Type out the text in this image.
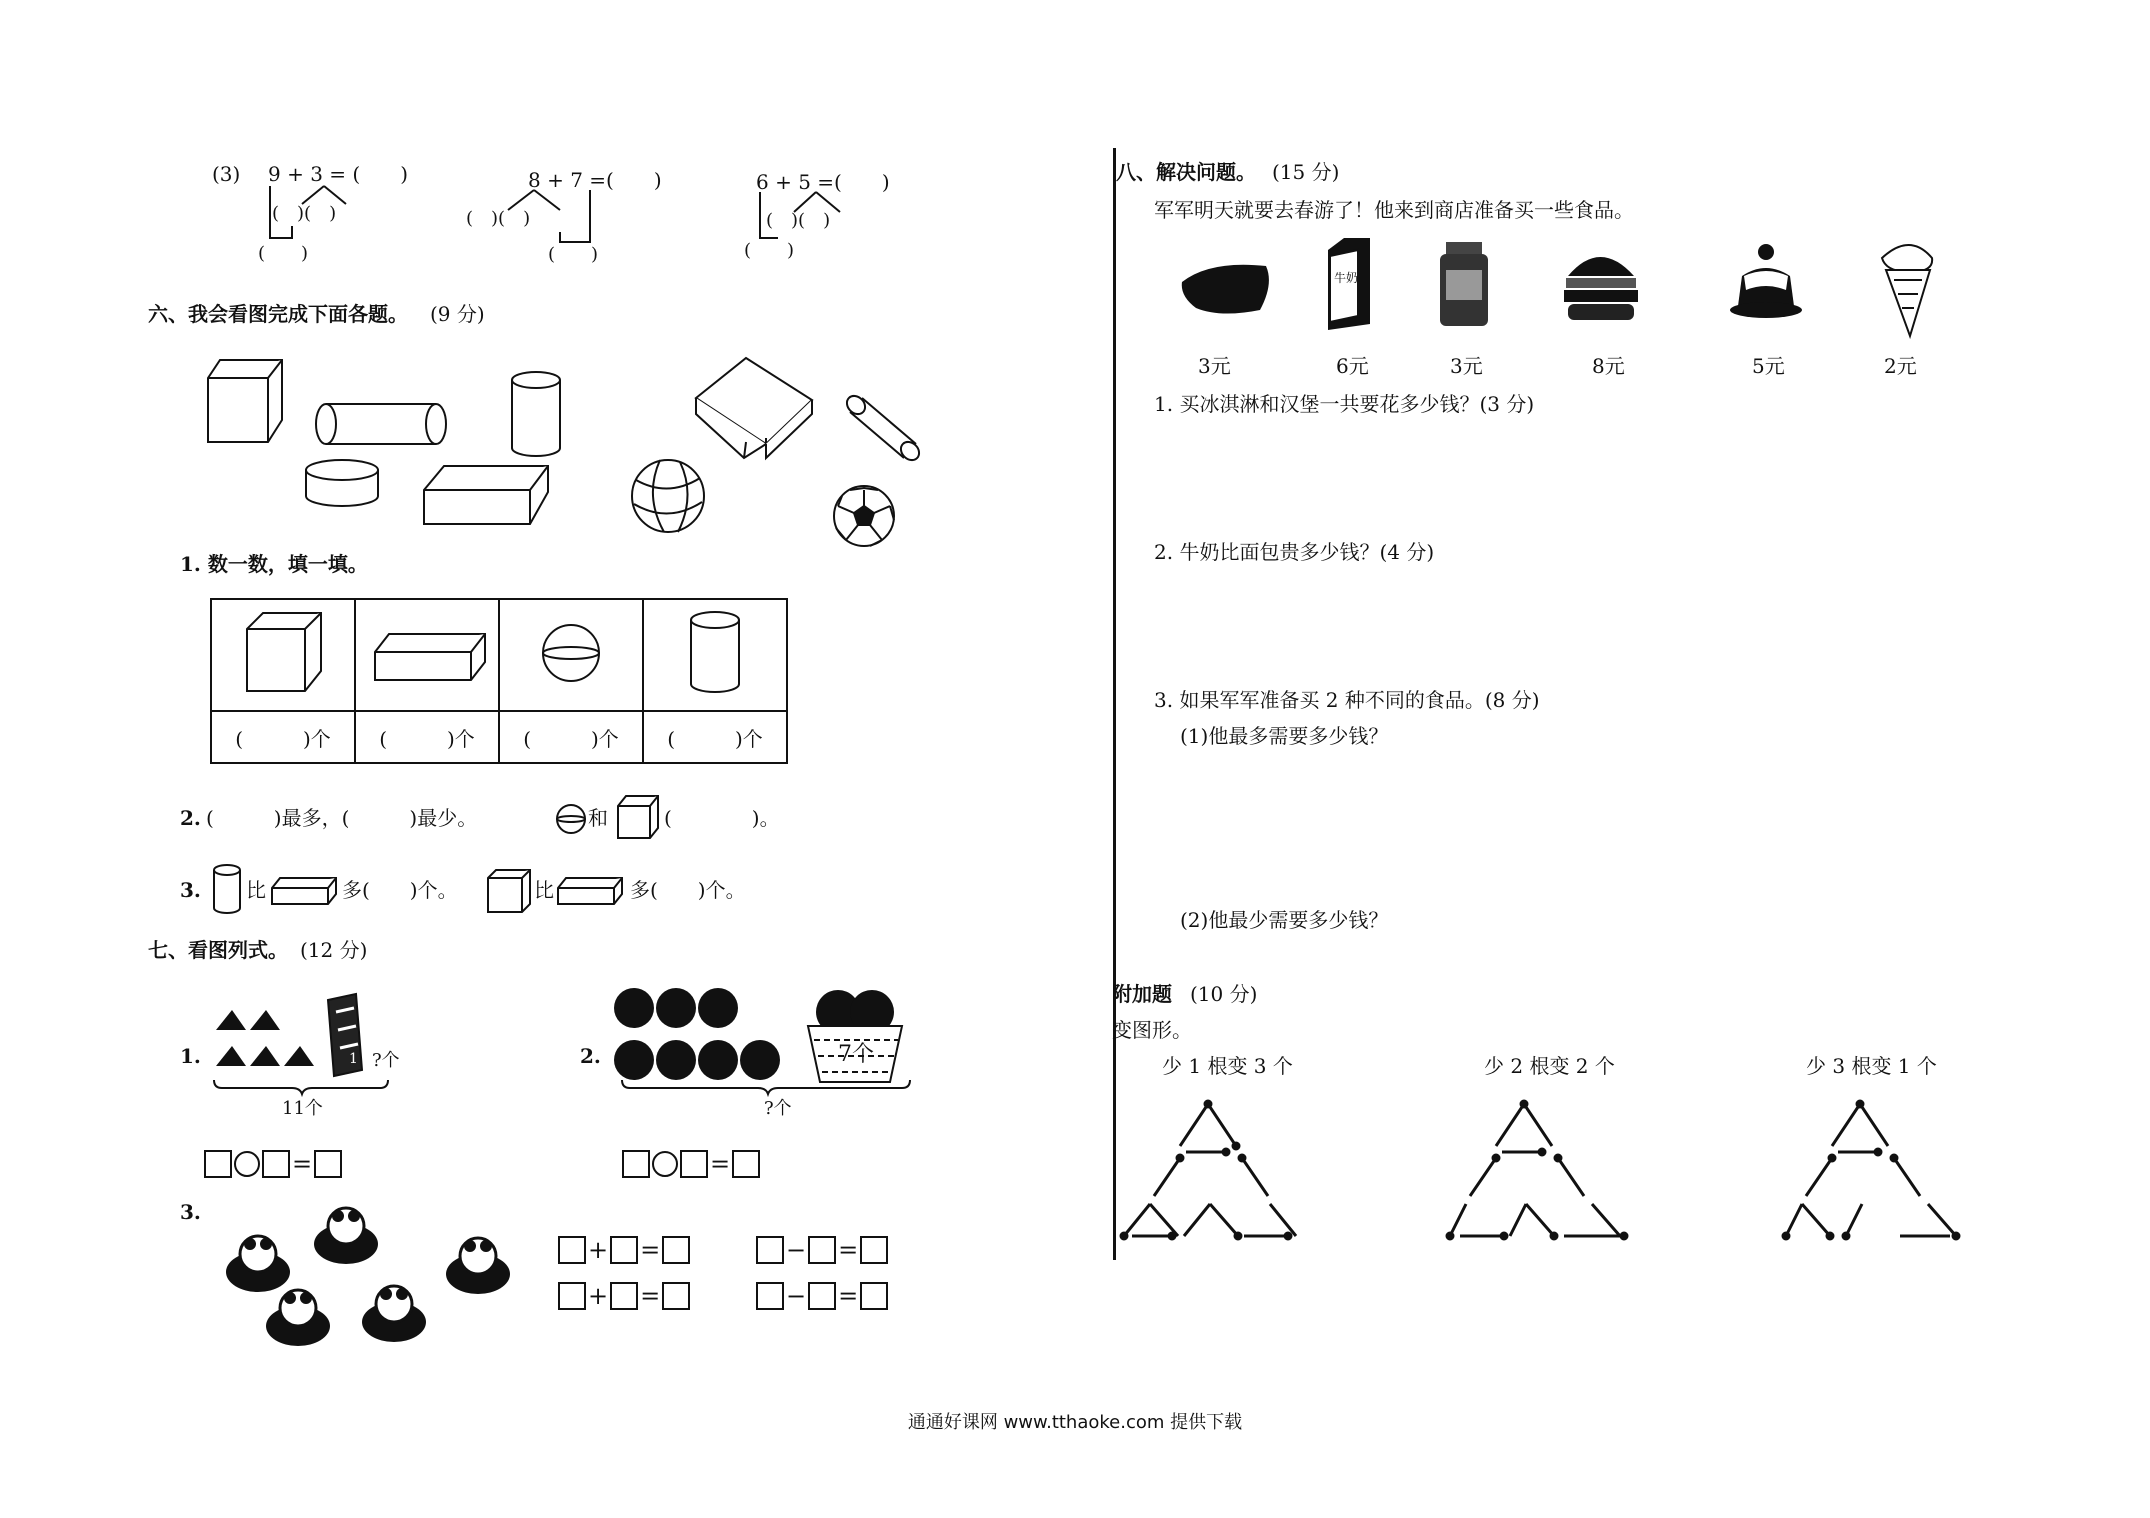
(3) 9 + 3 = (　　)
(　)(　)
(　　)
8 + 7 =(　　)
(　)(　)
(　　)
6 + 5 =(　　)
(　)(　)
(　　)
六、我会看图完成下面各题。 (9 分)
1. 数一数，填一填。

(　　　)个	(　　　)个	(　　　)个	(　　　)个
2. (　　　)最多，(　　　)最少。	和	(　　　　)。
3. 比	多(　　)个。	比	多(　　)个。
七、看图列式。 (12 分)
1.	1 ?个
11个
=
2.	7个
?个
=
3.
+ =
+ =
− =
− =
八、解决问题。 (15 分)
军军明天就要去春游了！他来到商店准备买一些食品。
牛奶
3元	6元	3元	8元	5元	2元
1. 买冰淇淋和汉堡一共要花多少钱？(3 分)
2. 牛奶比面包贵多少钱？(4 分)
3. 如果军军准备买 2 种不同的食品。(8 分)
(1)他最多需要多少钱？
(2)他最少需要多少钱？
附加题 (10 分)
变图形。
少 1 根变 3 个	少 2 根变 2 个	少 3 根变 1 个
通通好课网 www.tthaoke.com 提供下载
